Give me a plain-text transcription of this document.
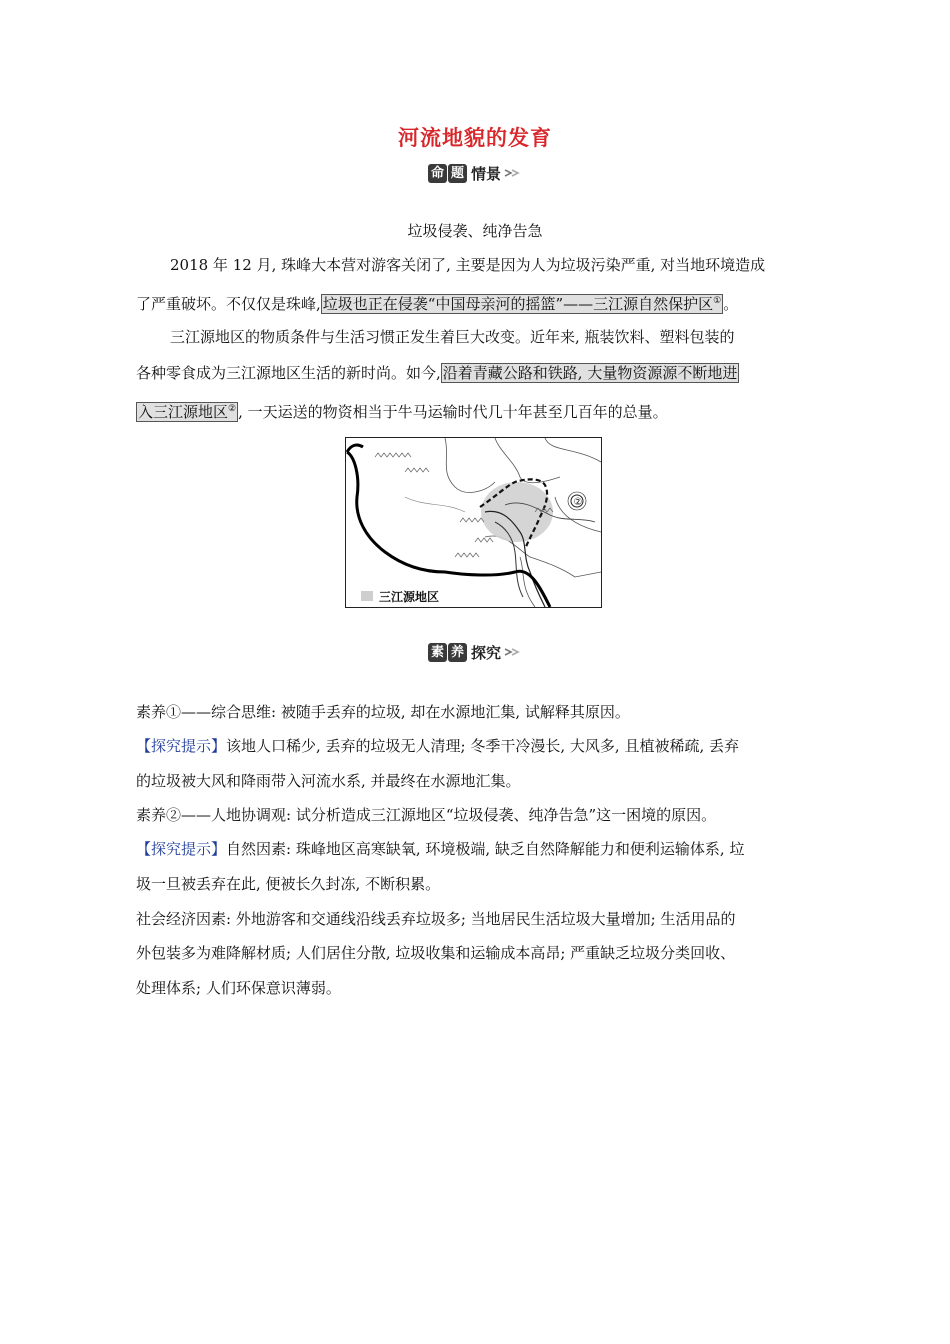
河流地貌的发育
命 题 情景
垃圾侵袭、纯净告急
2018 年 12 月, 珠峰大本营对游客关闭了, 主要是因为人为垃圾污染严重, 对当地环境造成
了严重破坏。不仅仅是珠峰, 垃圾也正在侵袭“中国母亲河的摇篮”——三江源自然保护区① 。
三江源地区的物质条件与生活习惯正发生着巨大改变。近年来, 瓶装饮料、塑料包装的
各种零食成为三江源地区生活的新时尚。如今, 沿着青藏公路和铁路, 大量物资源源不断地进
入三江源地区② , 一天运送的物资相当于牛马运输时代几十年甚至几百年的总量。
②
三江源地区
素 养 探究
素养①——综合思维: 被随手丢弃的垃圾, 却在水源地汇集, 试解释其原因。
【探究提示】该地人口稀少, 丢弃的垃圾无人清理; 冬季干冷漫长, 大风多, 且植被稀疏, 丢弃
的垃圾被大风和降雨带入河流水系, 并最终在水源地汇集。
素养②——人地协调观: 试分析造成三江源地区“垃圾侵袭、纯净告急”这一困境的原因。
【探究提示】自然因素: 珠峰地区高寒缺氧, 环境极端, 缺乏自然降解能力和便利运输体系, 垃
圾一旦被丢弃在此, 便被长久封冻, 不断积累。
社会经济因素: 外地游客和交通线沿线丢弃垃圾多; 当地居民生活垃圾大量增加; 生活用品的
外包装多为难降解材质; 人们居住分散, 垃圾收集和运输成本高昂; 严重缺乏垃圾分类回收、
处理体系; 人们环保意识薄弱。
